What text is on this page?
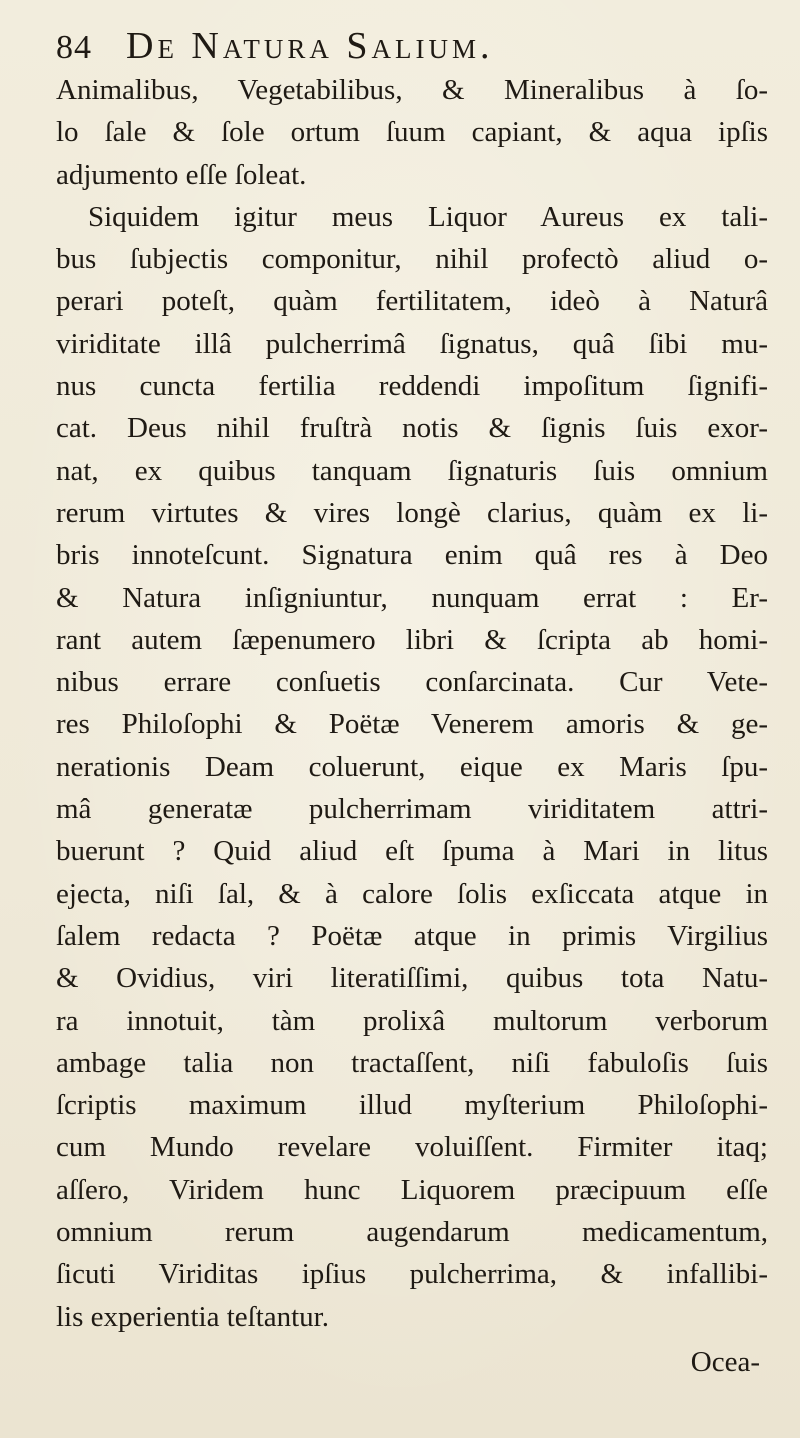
84 De Natura Salium.
Animalibus, Vegetabilibus, & Mineralibus à ſo-
lo ſale & ſole ortum ſuum capiant, & aqua ipſis
adjumento eſſe ſoleat.
Siquidem igitur meus Liquor Aureus ex tali-
bus ſubjectis componitur, nihil profectò aliud o-
perari poteſt, quàm fertilitatem, ideò à Naturâ
viriditate illâ pulcherrimâ ſignatus, quâ ſibi mu-
nus cuncta fertilia reddendi impoſitum ſignifi-
cat. Deus nihil fruſtrà notis & ſignis ſuis exor-
nat, ex quibus tanquam ſignaturis ſuis omnium
rerum virtutes & vires longè clarius, quàm ex li-
bris innoteſcunt. Signatura enim quâ res à Deo
& Natura inſigniuntur, nunquam errat : Er-
rant autem ſæpenumero libri & ſcripta ab homi-
nibus errare conſuetis conſarcinata. Cur Vete-
res Philoſophi & Poëtæ Venerem amoris & ge-
nerationis Deam coluerunt, eique ex Maris ſpu-
mâ generatæ pulcherrimam viriditatem attri-
buerunt ? Quid aliud eſt ſpuma à Mari in litus
ejecta, niſi ſal, & à calore ſolis exſiccata atque in
ſalem redacta ? Poëtæ atque in primis Virgilius
& Ovidius, viri literatiſſimi, quibus tota Natu-
ra innotuit, tàm prolixâ multorum verborum
ambage talia non tractaſſent, niſi fabuloſis ſuis
ſcriptis maximum illud myſterium Philoſophi-
cum Mundo revelare voluiſſent. Firmiter itaq;
aſſero, Viridem hunc Liquorem præcipuum eſſe
omnium rerum augendarum medicamentum,
ſicuti Viriditas ipſius pulcherrima, & infallibi-
lis experientia teſtantur.
Ocea-
